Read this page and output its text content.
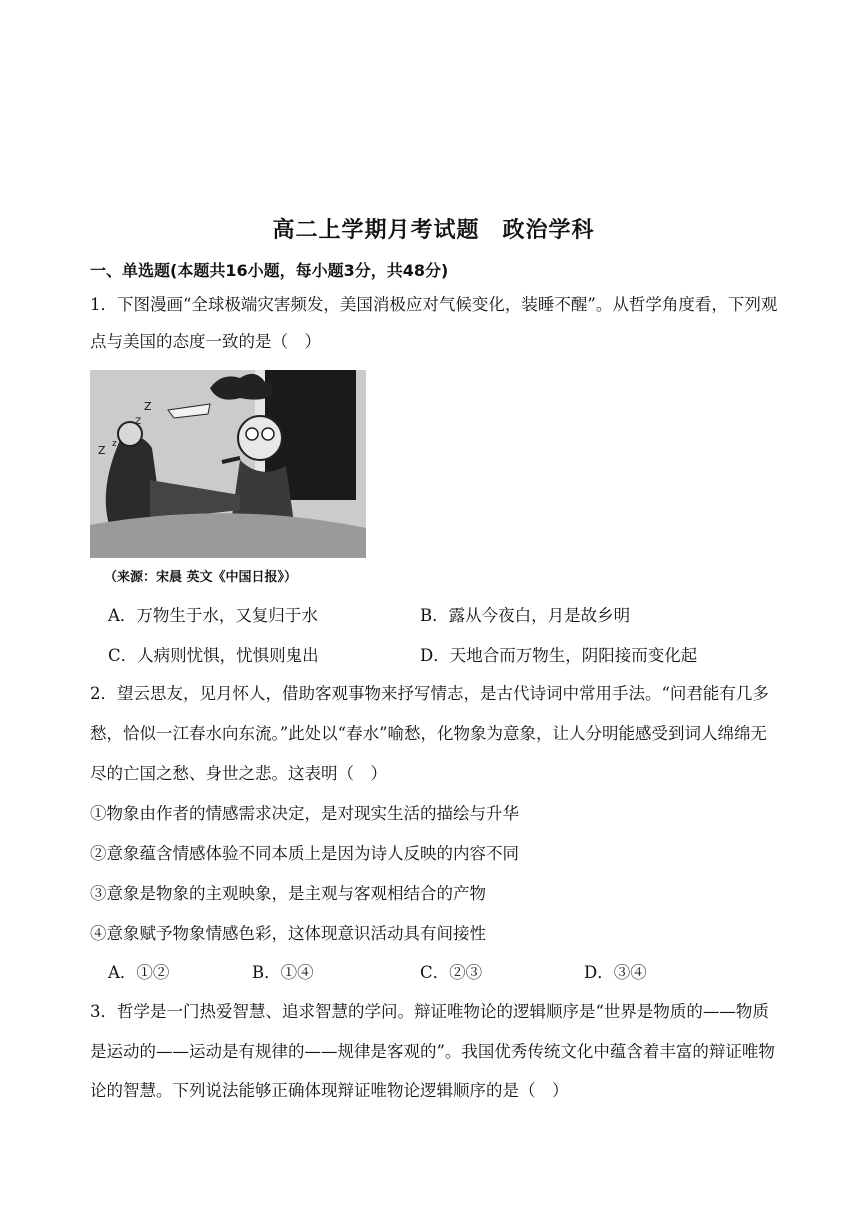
高二上学期月考试题　政治学科
一、单选题(本题共16小题，每小题3分，共48分)
1．下图漫画“全球极端灾害频发，美国消极应对气候变化，装睡不醒”。从哲学角度看，下列观
点与美国的态度一致的是（　）
Z
Z
Z z
（来源：宋晨 英文《中国日报》）
A．万物生于水，又复归于水	B．露从今夜白，月是故乡明
C．人病则忧惧，忧惧则鬼出	D．天地合而万物生，阴阳接而变化起
2．望云思友，见月怀人，借助客观事物来抒写情志，是古代诗词中常用手法。“问君能有几多
愁，恰似一江春水向东流。”此处以“春水”喻愁，化物象为意象，让人分明能感受到词人绵绵无
尽的亡国之愁、身世之悲。这表明（　）
①物象由作者的情感需求决定，是对现实生活的描绘与升华
②意象蕴含情感体验不同本质上是因为诗人反映的内容不同
③意象是物象的主观映象，是主观与客观相结合的产物
④意象赋予物象情感色彩，这体现意识活动具有间接性
A．①②	B．①④	C．②③	D．③④
3．哲学是一门热爱智慧、追求智慧的学问。辩证唯物论的逻辑顺序是“世界是物质的——物质
是运动的——运动是有规律的——规律是客观的”。我国优秀传统文化中蕴含着丰富的辩证唯物
论的智慧。下列说法能够正确体现辩证唯物论逻辑顺序的是（　）
